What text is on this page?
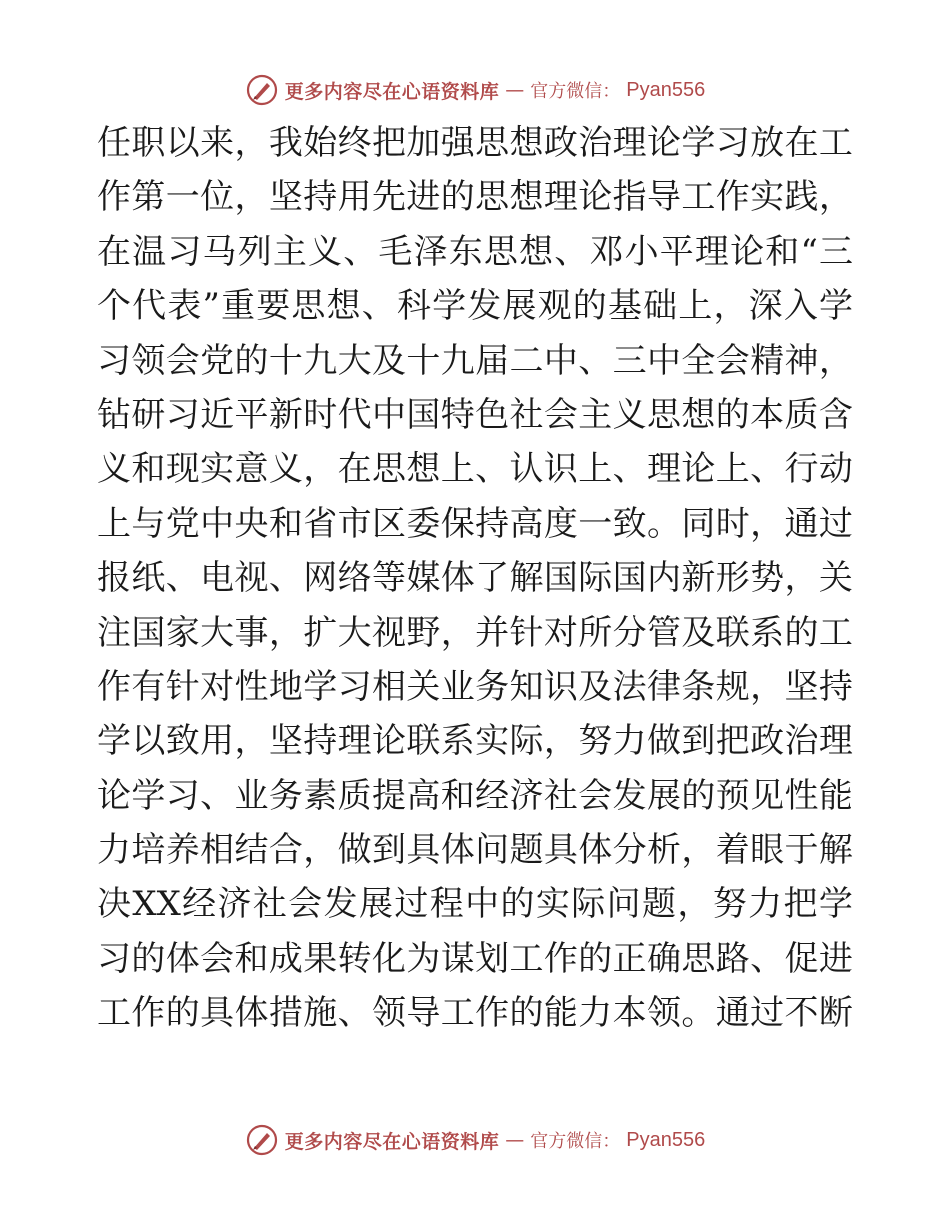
更多内容尽在心语资料库 — 官方微信： Pyan556
任 职 以 来 ， 我 始 终 把 加 强 思 想 政 治 理 论 学 习 放 在 工
作 第 一 位 ， 坚 持 用 先 进 的 思 想 理 论 指 导 工 作 实 践 ，
在 温 习 马 列 主 义 、 毛 泽 东 思 想 、 邓 小 平 理 论 和 “ 三
个 代 表 ” 重 要 思 想 、 科 学 发 展 观 的 基 础 上 ， 深 入 学
习 领 会 党 的 十 九 大 及 十 九 届 二 中 、 三 中 全 会 精 神 ，
钻 研 习 近 平 新 时 代 中 国 特 色 社 会 主 义 思 想 的 本 质 含
义 和 现 实 意 义 ， 在 思 想 上 、 认 识 上 、 理 论 上 、 行 动
上 与 党 中 央 和 省 市 区 委 保 持 高 度 一 致 。 同 时 ， 通 过
报 纸 、 电 视 、 网 络 等 媒 体 了 解 国 际 国 内 新 形 势 ， 关
注 国 家 大 事 ， 扩 大 视 野 ， 并 针 对 所 分 管 及 联 系 的 工
作 有 针 对 性 地 学 习 相 关 业 务 知 识 及 法 律 条 规 ， 坚 持
学 以 致 用 ， 坚 持 理 论 联 系 实 际 ， 努 力 做 到 把 政 治 理
论 学 习 、 业 务 素 质 提 高 和 经 济 社 会 发 展 的 预 见 性 能
力 培 养 相 结 合 ， 做 到 具 体 问 题 具 体 分 析 ， 着 眼 于 解
决 XX 经 济 社 会 发 展 过 程 中 的 实 际 问 题 ， 努 力 把 学
习 的 体 会 和 成 果 转 化 为 谋 划 工 作 的 正 确 思 路 、 促 进
工 作 的 具 体 措 施 、 领 导 工 作 的 能 力 本 领 。 通 过 不 断
更多内容尽在心语资料库 — 官方微信： Pyan556
